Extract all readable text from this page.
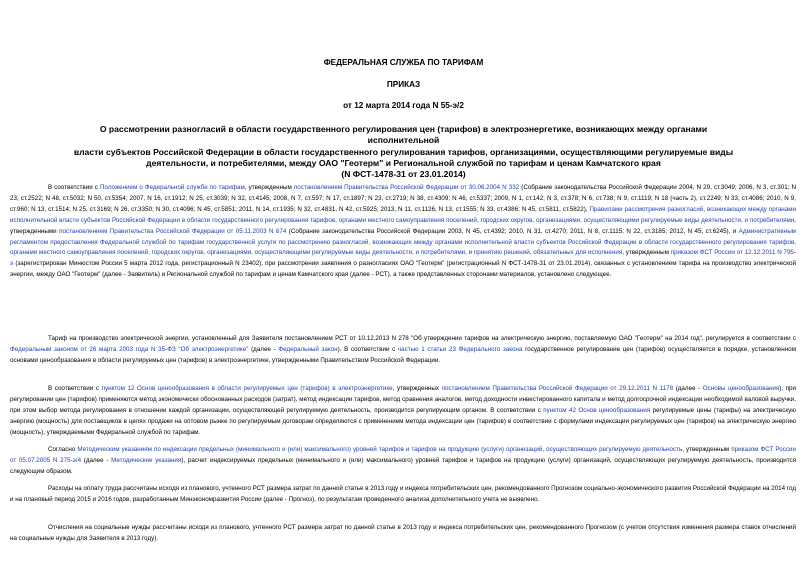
ФЕДЕРАЛЬНАЯ СЛУЖБА ПО ТАРИФАМ
ПРИКАЗ
от 12 марта 2014 года N 55-э/2
О рассмотрении разногласий в области государственного регулирования цен (тарифов) в электроэнергетике, возникающих между органами исполнительной
власти субъектов Российской Федерации в области государственного регулирования тарифов, организациями, осуществляющими регулируемые виды
деятельности, и потребителями, между ОАО "Геотерм" и Региональной службой по тарифам и ценам Камчатского края
(N ФСТ-1478-31 от 23.01.2014)
В соответствии с Положением о Федеральной службе по тарифам, утвержденным постановлением Правительства Российской Федерации от 30.06.2004 N 332 (Собрание законодательства Российской Федерации 2004, N 29, ст.3049; 2006, N 3, ст.301; N 23, ст.2522; N 48, ст.5032; N 50, ст.5354; 2007, N 16, ст.1912; N 25, ст.3039; N 32, ст.4145; 2008, N 7, ст.597; N 17, ст.1897; N 23, ст.2719; N 38, ст.4309; N 46, ст.5337; 2009, N 1, ст.142; N 3, ст.378; N 6, ст.738; N 9, ст.1119; N 18 (часть 2), ст.2249; N 33, ст.4086; 2010, N 9, ст.960; N 13, ст.1514; N 25, ст.3169; N 26, ст.3350; N 30, ст.4096; N 45, ст.5851; 2011, N 14, ст.1935; N 32, ст.4831, N 42, ст.5925; 2013, N 11, ст.1126, N 13, ст.1555; N 33, ст.4386; N 45, ст.5811, ст.5822), Правилами рассмотрения разногласий, возникающих между органами исполнительной власти субъектов Российской Федерации в области государственного регулирования тарифов, органами местного самоуправления поселений, городских округов, организациями, осуществляющими регулируемые виды деятельности, и потребителями, утвержденными постановлением Правительства Российской Федерации от 05.11.2003 N 674 (Собрание законодательства Российской Федерации 2003, N 45, ст.4392; 2010, N 31, ст.4270; 2011, N 8, ст.1115; N 22, ст.3185; 2012, N 45, ст.6245), и Административным регламентом предоставления Федеральной службой по тарифам государственной услуги по рассмотрению разногласий, возникающих между органами исполнительной власти субъектов Российской Федерации в области государственного регулирования тарифов, органами местного самоуправления поселений, городских округов, организациями, осуществляющими регулируемые виды деятельности, и потребителями, и принятию решений, обязательных для исполнения, утвержденным приказом ФСТ России от 12.12.2011 N 795-э (зарегистрирован Минюстом России 5 марта 2012 года, регистрационный N 23402), при рассмотрении заявления о разногласиях ОАО "Геотерм" (регистрационный N ФСТ-1478-31 от 23.01.2014), связанных с установлением тарифа на производство электрической энергии, между ОАО "Геотерм" (далее - Заявитель) и Региональной службой по тарифам и ценам Камчатского края (далее - РСТ), а также представленных сторонами материалов, установлено следующее.
Тариф на производство электрической энергии, установленный для Заявителя постановлением РСТ от 10.12.2013 N 278 "Об утверждении тарифов на электрическую энергию, поставляемую ОАО "Геотерм" на 2014 год", регулируется в соответствии с Федеральным законом от 26 марта 2003 года N 35-ФЗ "Об электроэнергетике" (далее - Федеральный закон). В соответствии с частью 1 статьи 23 Федерального закона государственное регулирование цен (тарифов) осуществляется в порядке, установленном основами ценообразования в области регулируемых цен (тарифов) в электроэнергетике, утвержденными Правительством Российской Федерации.
В соответствии с пунктом 12 Основ ценообразования в области регулируемых цен (тарифов) в электроэнергетике, утвержденных постановлением Правительства Российской Федерации от 29.12.2011 N 1178 (далее - Основы ценообразования), при регулировании цен (тарифов) применяются метод экономически обоснованных расходов (затрат), метод индексации тарифов, метод сравнения аналогов, метод доходности инвестированного капитала и метод долгосрочной индексации необходимой валовой выручки, при этом выбор метода регулирования в отношении каждой организации, осуществляющей регулируемую деятельность, производится регулирующим органом. В соответствии с пунктом 42 Основ ценообразования регулируемые цены (тарифы) на электрическую энергию (мощность) для поставщиков в целях продажи на оптовом рынке по регулируемым договорам определяются с применением метода индексации цен (тарифов) в соответствии с формулами индексации регулируемых цен (тарифов) на электрическую энергию (мощность), утверждаемыми Федеральной службой по тарифам.
Согласно Методическим указаниям по индексации предельных (минимального и (или) максимального) уровней тарифов и тарифов на продукцию (услуги) организаций, осуществляющих регулируемую деятельность, утвержденным приказом ФСТ России от 05.07.2005 N 275-э/4 (далее - Методические указания), расчет индексируемых предельных (минимального и (или) максимального) уровней тарифов и тарифов на продукцию (услуги) организаций, осуществляющих регулируемую деятельность, производится следующим образом.
Расходы на оплату труда рассчитаны исходя из планового, учтенного РСТ размера затрат по данной статье в 2013 году и индекса потребительских цен, рекомендованного Прогнозом социально-экономического развития Российской Федерации на 2014 год и на плановый период 2015 и 2016 годов, разработанным Минэкономразвития России (далее - Прогноз), по результатам проведенного анализа дополнительного учета не выявлено.
Отчисления на социальные нужды рассчитаны исходя из планового, учтенного РСТ размера затрат по данной статье в 2013 году и индекса потребительских цен, рекомендованного Прогнозом (с учетом отсутствия изменения размера ставок отчислений на социальные нужды для Заявителя в 2013 году).
